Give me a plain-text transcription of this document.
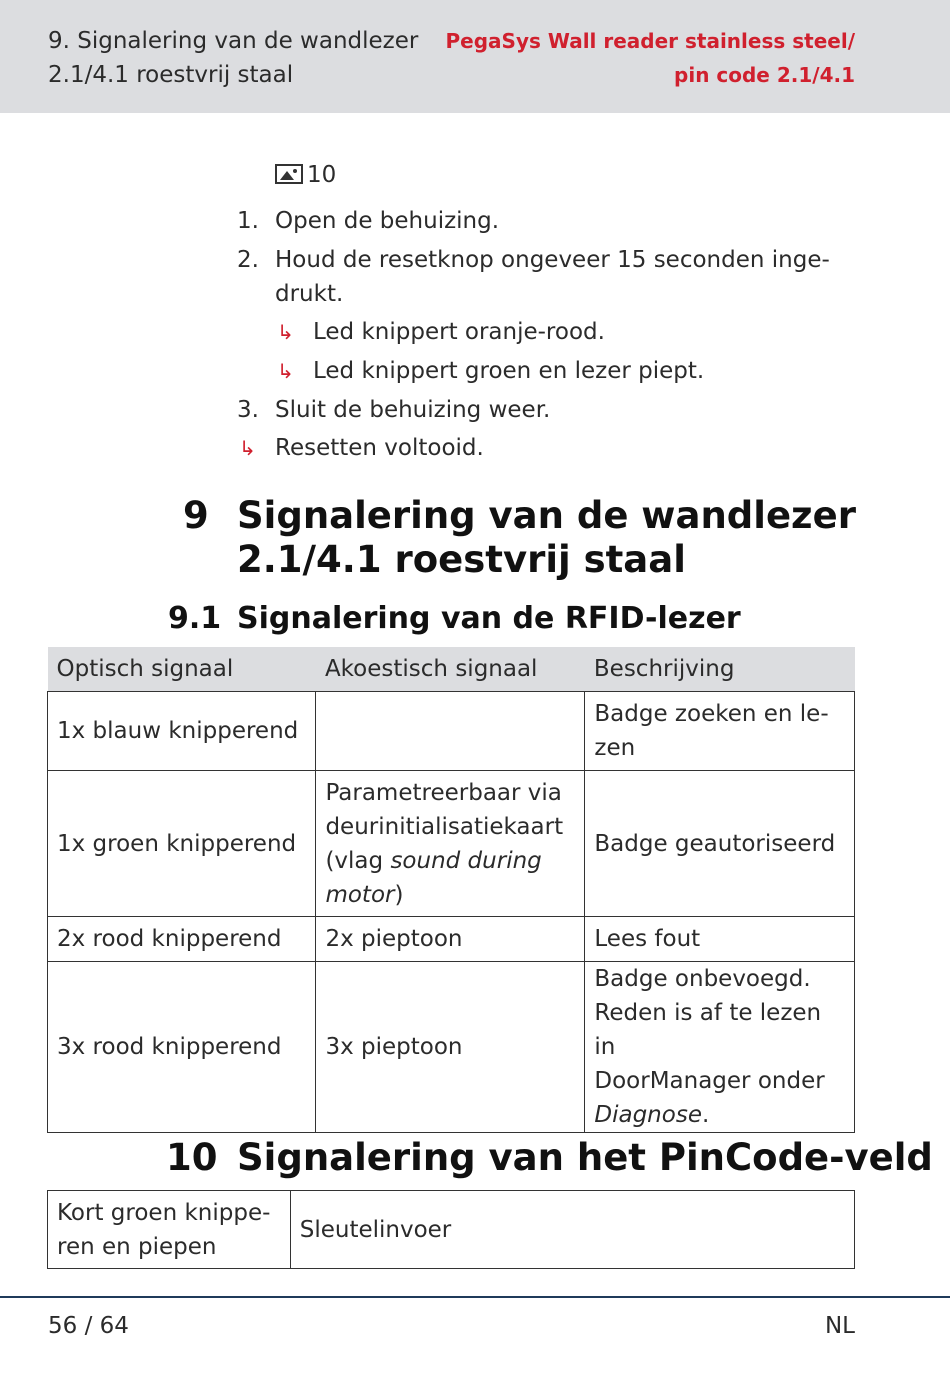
9. Signalering van de wandlezer
2.1/4.1 roestvrij staal
PegaSys Wall reader stainless steel/
pin code 2.1/4.1
10
1. Open de behuizing.
2. Houd de resetknop ongeveer 15 seconden inge-
drukt.
↳ Led knippert oranje-rood.
↳ Led knippert groen en lezer piept.
3. Sluit de behuizing weer.
↳ Resetten voltooid.
9 Signalering van de wandlezer
2.1/4.1 roestvrij staal
9.1 Signalering van de RFID-lezer
Optisch signaal	Akoestisch signaal	Beschrijving
1x blauw knipperend		Badge zoeken en le-
zen

1x groen knipperend	Parametreerbaar via
deurinitialisatiekaart
(vlag sound during
motor)	Badge geautoriseerd
2x rood knipperend	2x pieptoon	Lees fout
3x rood knipperend	3x pieptoon	Badge onbevoegd.
Reden is af te lezen in
DoorManager onder
Diagnose.
10 Signalering van het PinCode-veld
Kort groen knippe-
ren en piepen
	Sleutelinvoer
56 / 64	NL
